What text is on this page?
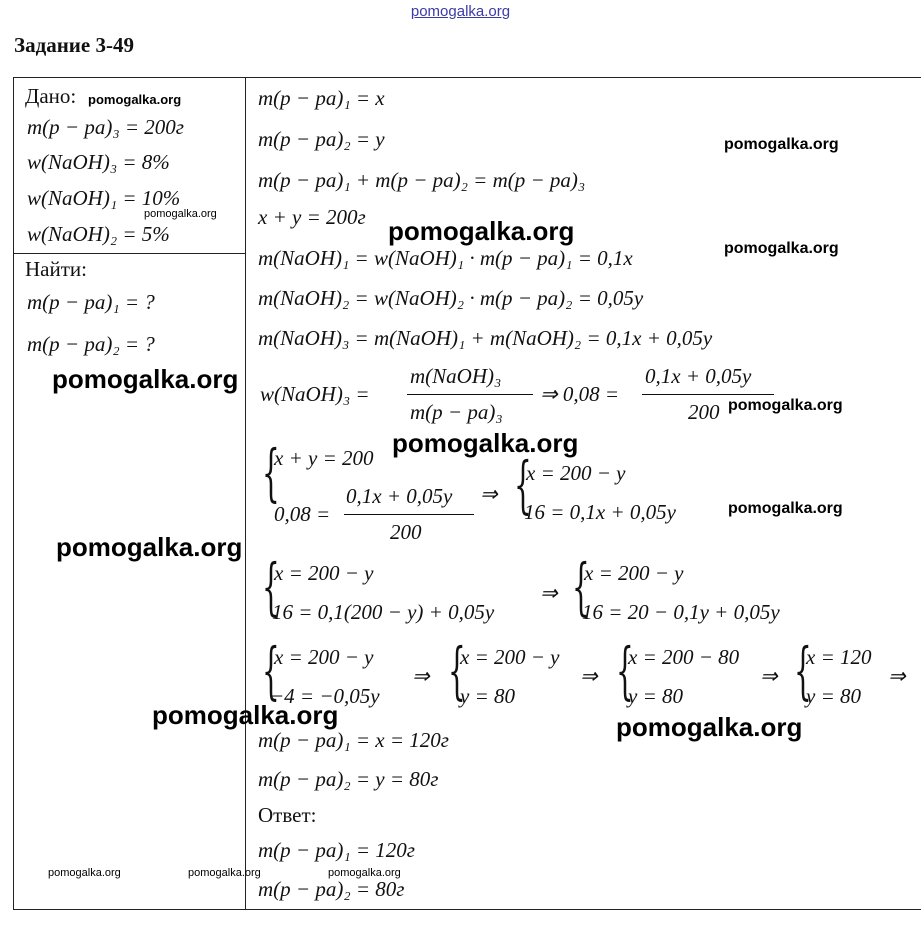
pomogalka.org
Задание 3-49
Дано:
m(p − pa)₃ = 200г
w(NaOH)₃ = 8%
w(NaOH)₁ = 10%
w(NaOH)₂ = 5%
Найти:
m(p − pa)₁ = ?
m(p − pa)₂ = ?
m(p − pa)₁ = x
m(p − pa)₂ = y
m(p − pa)₁ + m(p − pa)₂ = m(p − pa)₃
x + y = 200г
m(NaOH)₁ = w(NaOH)₁ · m(p − pa)₁ = 0,1x
m(NaOH)₂ = w(NaOH)₂ · m(p − pa)₂ = 0,05y
m(NaOH)₃ = m(NaOH)₁ + m(NaOH)₂ = 0,1x + 0,05y
w(NaOH)₃ =
m(NaOH)₃
m(p − pa)₃
⇒ 0,08 =
0,1x + 0,05y
200
{
x + y = 200
0,08 =
0,1x + 0,05y
200
⇒ {
x = 200 − y
16 = 0,1x + 0,05y
{
x = 200 − y
16 = 0,1(200 − y) + 0,05y
⇒ {
x = 200 − y
16 = 20 − 0,1y + 0,05y
{
x = 200 − y
−4 = −0,05y
⇒ {
x = 200 − y
y = 80
⇒ {
x = 200 − 80
y = 80
⇒ {
x = 120
y = 80
⇒
m(p − pa)₁ = x = 120г
m(p − pa)₂ = y = 80г
Ответ:
m(p − pa)₁ = 120г
m(p − pa)₂ = 80г
pomogalka.org
pomogalka.org
pomogalka.org
pomogalka.org
pomogalka.org
pomogalka.org	pomogalka.org	pomogalka.org
pomogalka.org
pomogalka.org
pomogalka.org
pomogalka.org
pomogalka.org
pomogalka.org
pomogalka.org
